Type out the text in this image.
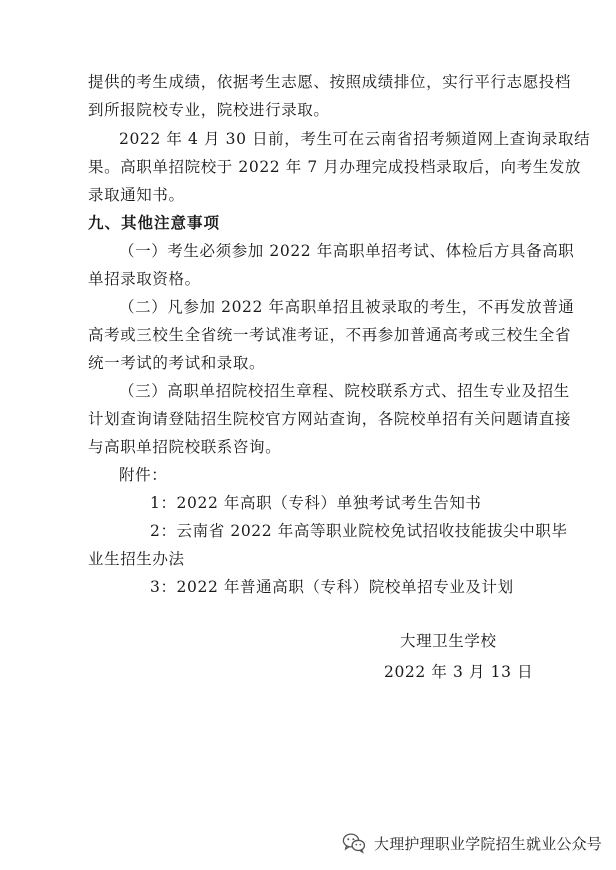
提供的考生成绩，依据考生志愿、按照成绩排位，实行平行志愿投档
到所报院校专业，院校进行录取。
2022 年 4 月 30 日前，考生可在云南省招考频道网上查询录取结
果。高职单招院校于 2022 年 7 月办理完成投档录取后，向考生发放
录取通知书。
九、其他注意事项
（一）考生必须参加 2022 年高职单招考试、体检后方具备高职
单招录取资格。
（二）凡参加 2022 年高职单招且被录取的考生，不再发放普通
高考或三校生全省统一考试准考证，不再参加普通高考或三校生全省
统一考试的考试和录取。
（三）高职单招院校招生章程、院校联系方式、招生专业及招生
计划查询请登陆招生院校官方网站查询，各院校单招有关问题请直接
与高职单招院校联系咨询。
附件：
1：2022 年高职（专科）单独考试考生告知书
2：云南省 2022 年高等职业院校免试招收技能拔尖中职毕
业生招生办法
3：2022 年普通高职（专科）院校单招专业及计划
大理卫生学校
2022 年 3 月 13 日
大理护理职业学院招生就业公众号
